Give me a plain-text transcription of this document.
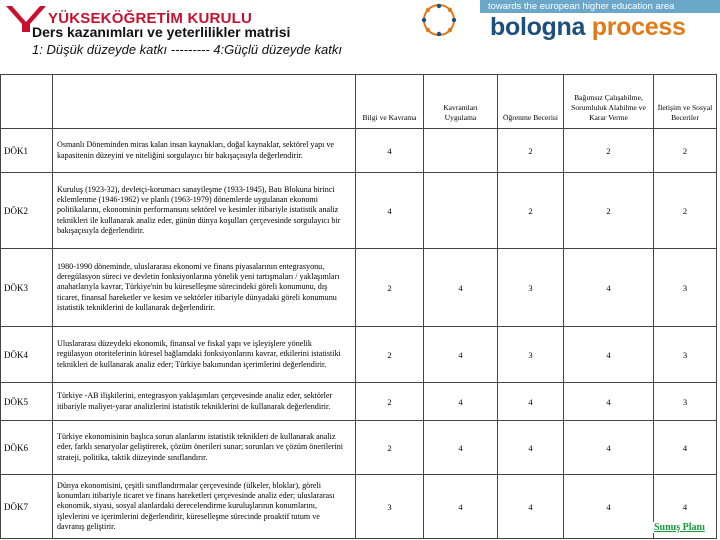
YÜKSEKÖĞRETİM KURULU
towards the european higher education area
bologna process
Ders kazanımları ve yeterlilikler matrisi
1: Düşük düzeyde katkı --------- 4:Güçlü düzeyde katkı
		Bilgi ve Kavrama	Kavramları Uygulama	Öğrenme Becerisi	Bağımsız Çalışabilme, Sorumluluk Alabilme ve Karar Verme	İletişim ve Sosyal Beceriler
DÖK1	Osmanlı Döneminden miras kalan insan kaynakları, doğal kaynaklar, sektörel yapı ve kapasitenin düzeyini ve niteliğini sorgulayıcı bir bakışaçısıyla değerlendirir.	4		2	2	2
DÖK2	Kuruluş (1923-32), devletçi-korumacı sanayileşme (1933-1945), Batı Blokuna birinci eklemlenme (1946-1962) ve planlı (1963-1979) dönemlerde uygulanan ekonomi politikalarını, ekonominin performansını sektörel ve kesimler itibariyle istatistik analiz teknikleri ile kullanarak analiz eder, günün dünya koşulları çerçevesinde sorgulayıcı bir bakışaçısıyla değerlendirir.	4		2	2	2
DÖK3	1980-1990 döneminde, uluslararası ekonomi ve finans piyasalarının entegrasyonu, deregülasyon süreci ve devletin fonksiyonlarına yönelik yeni tartışmaları / yaklaşımları anahatlarıyla kavrar, Türkiye'nin bu küreselleşme sürecindeki göreli konumunu, dış ticaret, finansal hareketler ve kesim ve sektörler itibariyle dünyadaki göreli konumunu istatistik tekniklerini de kullanarak değerlendirir.	2	4	3	4	3
DÖK4	Uluslararası düzeydeki ekonomik, finansal ve fiskal yapı ve işleyişlere yönelik regülasyon otoritelerinin küresel bağlamdaki fonksiyonlarını kavrar, etkilerini istatistiki teknikleri de kullanarak analiz eder; Türkiye bakımından içerimlerini değerlendirir.	2	4	3	4	3
DÖK5	Türkiye -AB ilişkilerini, entegrasyon yaklaşımları çerçevesinde analiz eder, sektörler itibariyle maliyet-yarar analizlerini istatistik tekniklerini de kullanarak değerlendirir.	2	4	4	4	3
DÖK6	Türkiye ekonomisinin başlıca sorun alanlarını istatistik teknikleri de kullanarak analiz eder, farklı senaryolar geliştirerek, çözüm önerileri sunar; sorunları ve çözüm önerilerini strateji, politika, taktik düzeyinde sınıflandırır.	2	4	4	4	4
DÖK7	Dünya ekonomisini, çeşitli sınıflandırmalar çerçevesinde (ülkeler, bloklar), göreli konumları itibariyle ticaret ve finans hareketleri çerçevesinde analiz eder; uluslararası ekonomik, siyasi, sosyal alanlardaki derecelendirme kuruluşlarının konumlarını, işlevlerini ve içerimlerini değerlendirir, küreselleşme sürecinde proaktif tutum ve davranış geliştirir.	3	4	4	4	4
Sunuş Planı
